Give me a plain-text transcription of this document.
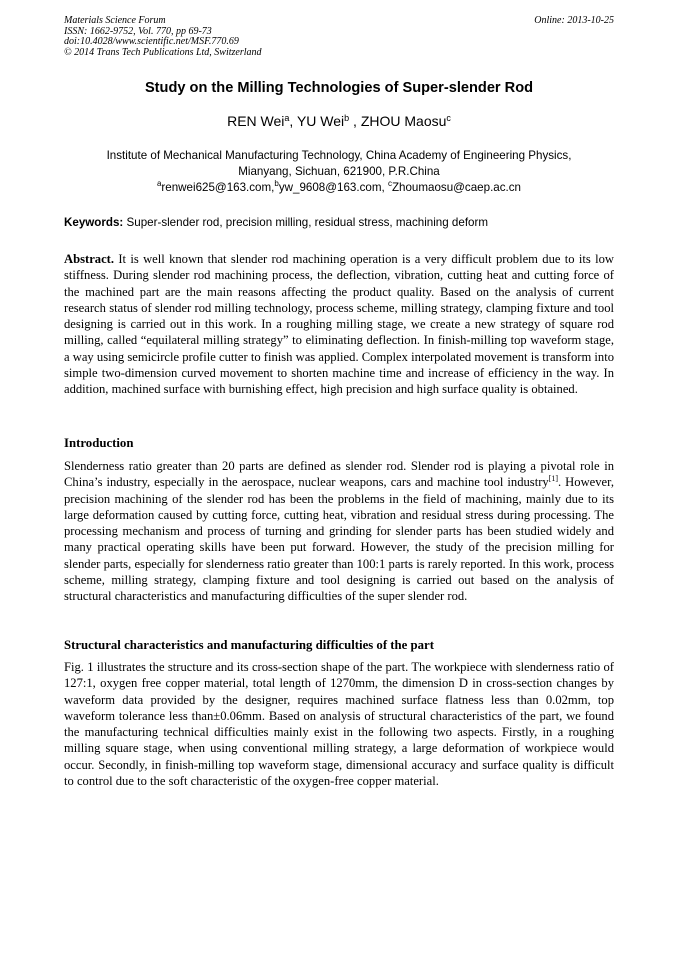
Materials Science Forum
ISSN: 1662-9752, Vol. 770, pp 69-73
doi:10.4028/www.scientific.net/MSF.770.69
© 2014 Trans Tech Publications Ltd, Switzerland
Online: 2013-10-25
Study on the Milling Technologies of Super-slender Rod
REN Wei$^a$, YU Wei$^b$ , ZHOU Maosu$^c$
Institute of Mechanical Manufacturing Technology, China Academy of Engineering Physics,
Mianyang, Sichuan, 621900, P.R.China
$^a$renwei625@163.com,$^b$yw_9608@163.com, $^c$Zhoumaosu@caep.ac.cn
Keywords: Super-slender rod, precision milling, residual stress, machining deform
Abstract. It is well known that slender rod machining operation is a very difficult problem due to its low stiffness. During slender rod machining process, the deflection, vibration, cutting heat and cutting force of the machined part are the main reasons affecting the product quality. Based on the analysis of current research status of slender rod milling technology, process scheme, milling strategy, clamping fixture and tool designing is carried out in this work. In a roughing milling stage, we create a new strategy of square rod milling, called “equilateral milling strategy” to eliminating deflection. In finish-milling top waveform stage, a way using semicircle profile cutter to finish was applied. Complex interpolated movement is transform into simple two-dimension curved movement to shorten machine time and increase of efficiency in the way. In addition, machined surface with burnishing effect, high precision and high surface quality is obtained.
Introduction
Slenderness ratio greater than 20 parts are defined as slender rod. Slender rod is playing a pivotal role in China’s industry, especially in the aerospace, nuclear weapons, cars and machine tool industry[1]. However, precision machining of the slender rod has been the problems in the field of machining, mainly due to its large deformation caused by cutting force, cutting heat, vibration and residual stress during processing. The processing mechanism and process of turning and grinding for slender parts has been studied widely and many practical operating skills have been put forward. However, the study of the precision milling for slender parts, especially for slenderness ratio greater than 100:1 parts is rarely reported. In this work, process scheme, milling strategy, clamping fixture and tool designing is carried out based on the analysis of structural characteristics and manufacturing difficulties of the super slender rod.
Structural characteristics and manufacturing difficulties of the part
Fig. 1 illustrates the structure and its cross-section shape of the part. The workpiece with slenderness ratio of 127:1, oxygen free copper material, total length of 1270mm, the dimension D in cross-section changes by waveform data provided by the designer, requires machined surface flatness less than 0.02mm, top waveform tolerance less than±0.06mm. Based on analysis of structural characteristics of the part, we found the manufacturing technical difficulties mainly exist in the following two aspects. Firstly, in a roughing milling square stage, when using conventional milling strategy, a large deformation of workpiece would occur. Secondly, in finish-milling top waveform stage, dimensional accuracy and surface quality is difficult to control due to the soft characteristic of the oxygen-free copper material.
